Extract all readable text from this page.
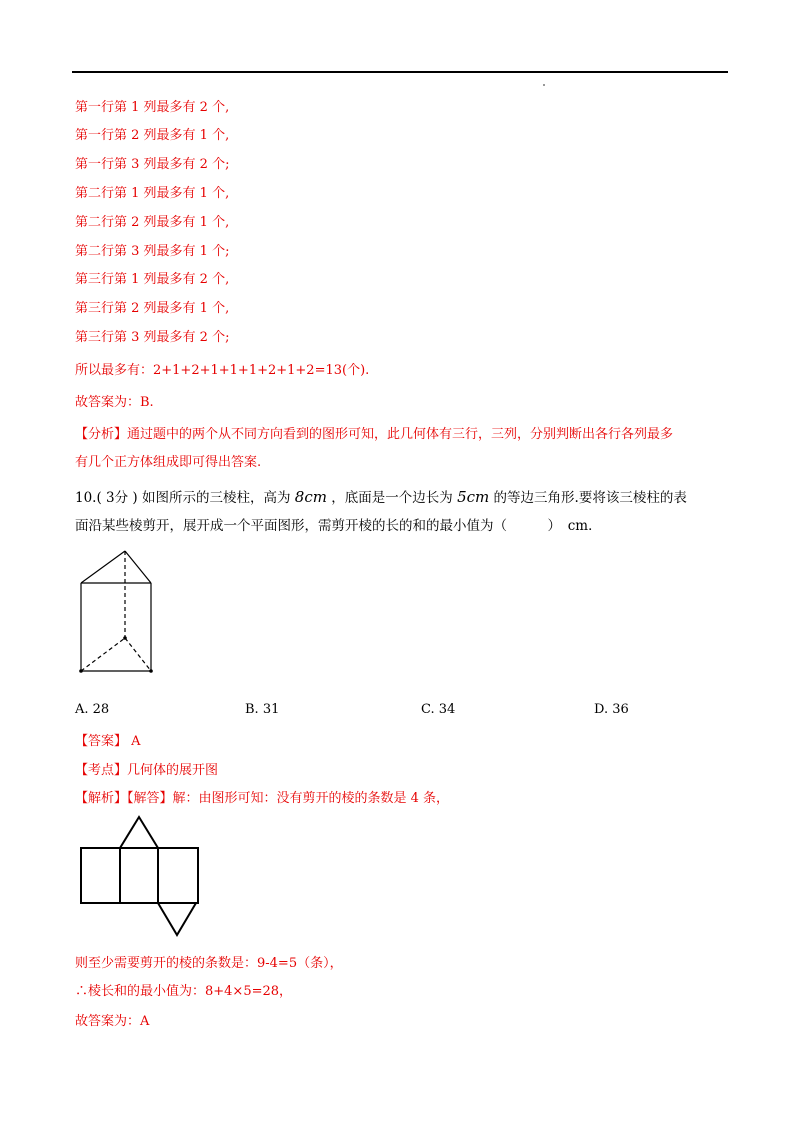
第一行第 1 列最多有 2 个,
第一行第 2 列最多有 1 个,
第一行第 3 列最多有 2 个;
第二行第 1 列最多有 1 个,
第二行第 2 列最多有 1 个,
第二行第 3 列最多有 1 个;
第三行第 1 列最多有 2 个,
第三行第 2 列最多有 1 个,
第三行第 3 列最多有 2 个;
所以最多有：2+1+2+1+1+1+2+1+2=13(个).
故答案为：B.
【分析】通过题中的两个从不同方向看到的图形可知，此几何体有三行，三列，分别判断出各行各列最多
有几个正方体组成即可得出答案.
10.( 3分 ) 如图所示的三棱柱，高为 8cm ，底面是一个边长为 5cm 的等边三角形.要将该三棱柱的表
面沿某些棱剪开，展开成一个平面图形，需剪开棱的长的和的最小值为（　　　）　cm．
A. 28	B. 31	C. 34	D. 36
【答案】 A
【考点】几何体的展开图
【解析】【解答】解：由图形可知：没有剪开的棱的条数是 4 条，
则至少需要剪开的棱的条数是：9-4=5（条），
∴棱长和的最小值为：8+4×5=28，
故答案为：A
